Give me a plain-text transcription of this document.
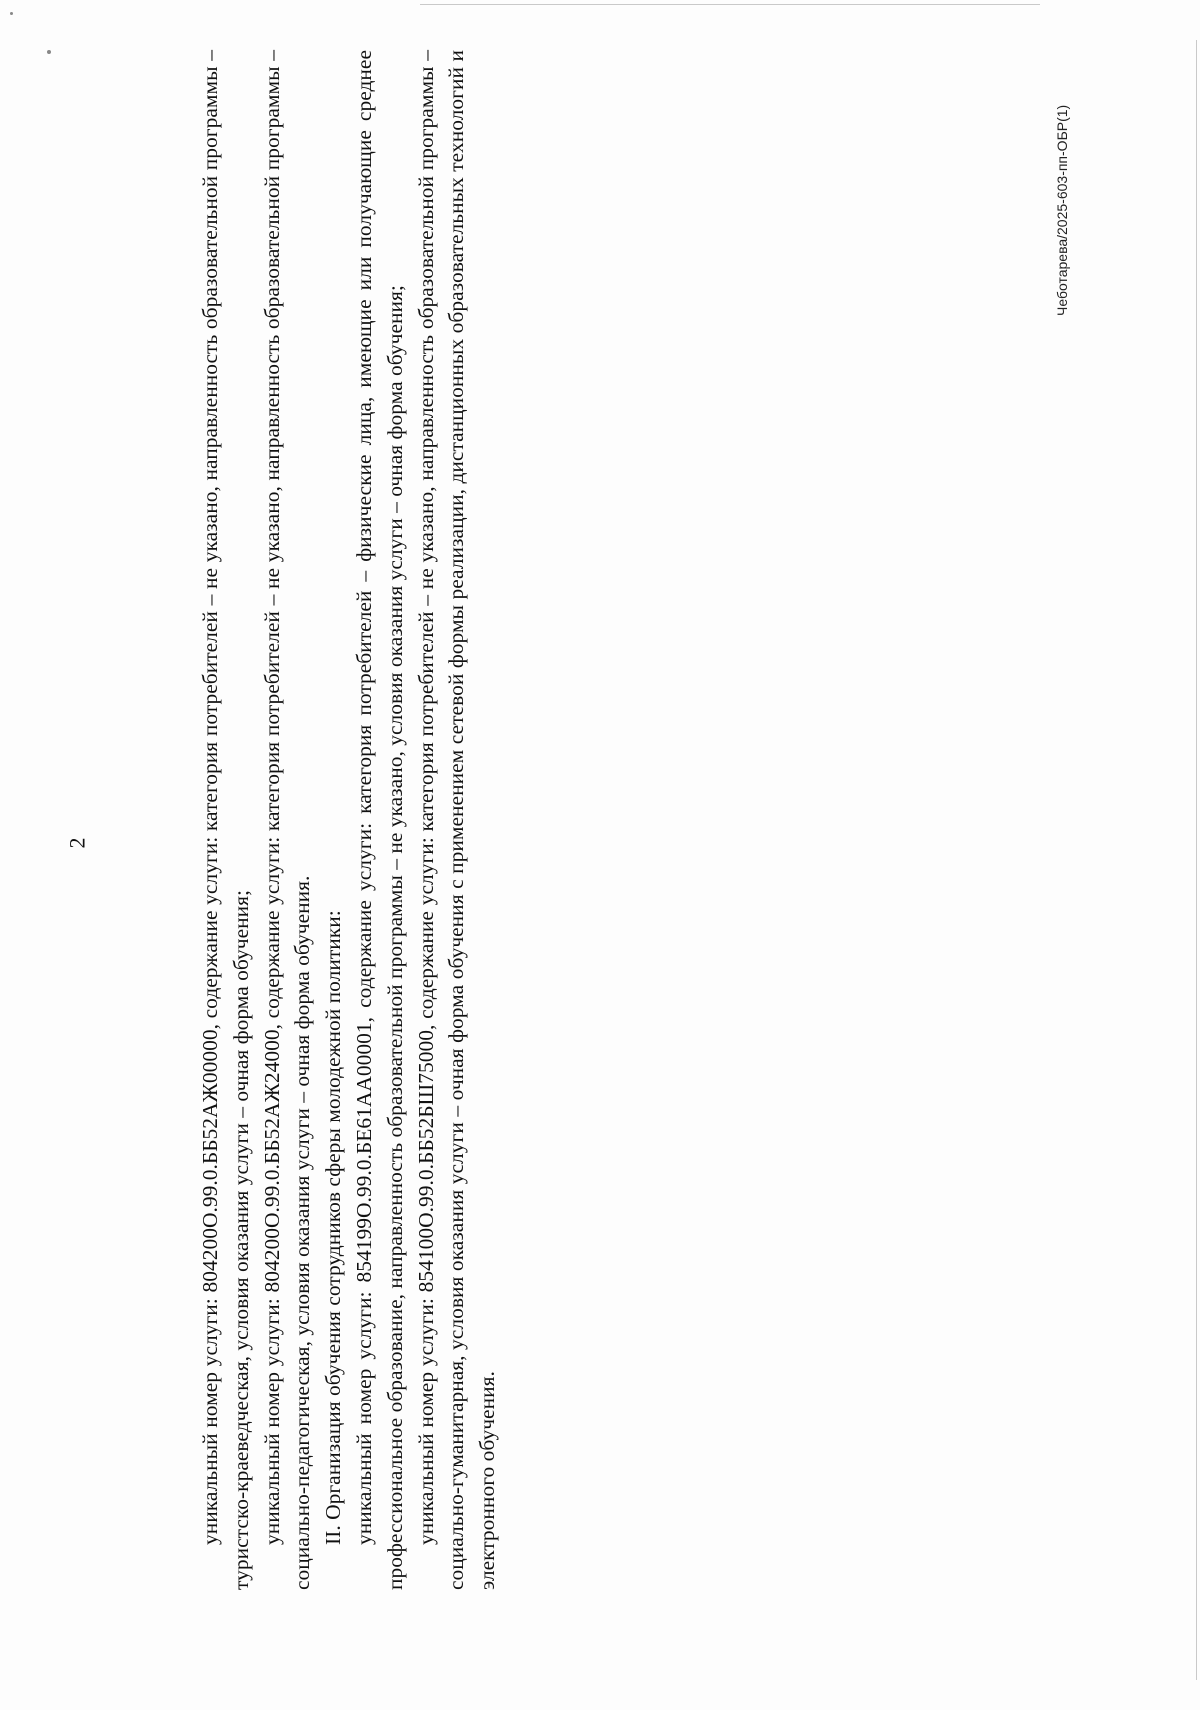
2
Чеботарева/2025-603-пп-ОБР(1)

уникальный номер услуги: 804200О.99.0.ББ52АЖ00000, содержание услуги: категория потребителей – не указано, направленность образовательной программы – туристско-краеведческая, условия оказания услуги – очная форма обучения; уникальный номер услуги: 804200О.99.0.ББ52АЖ24000, содержание услуги: категория потребителей – не указано, направленность образовательной программы – социально-педагогическая, условия оказания услуги – очная форма обучения. II. Организация обучения сотрудников сферы молодежной политики: уникальный номер услуги: 854199О.99.0.БЕ61АА00001, содержание услуги: категория потребителей – физические лица, имеющие или получающие среднее профессиональное образование, направленность образовательной программы – не указано, условия оказания услуги – очная форма обучения; уникальный номер услуги: 854100О.99.0.ББ52БШ75000, содержание услуги: категория потребителей – не указано, направленность образовательной программы – социально-гуманитарная, условия оказания услуги – очная форма обучения с применением сетевой формы реализации, дистанционных образовательных технологий и электронного обучения.
